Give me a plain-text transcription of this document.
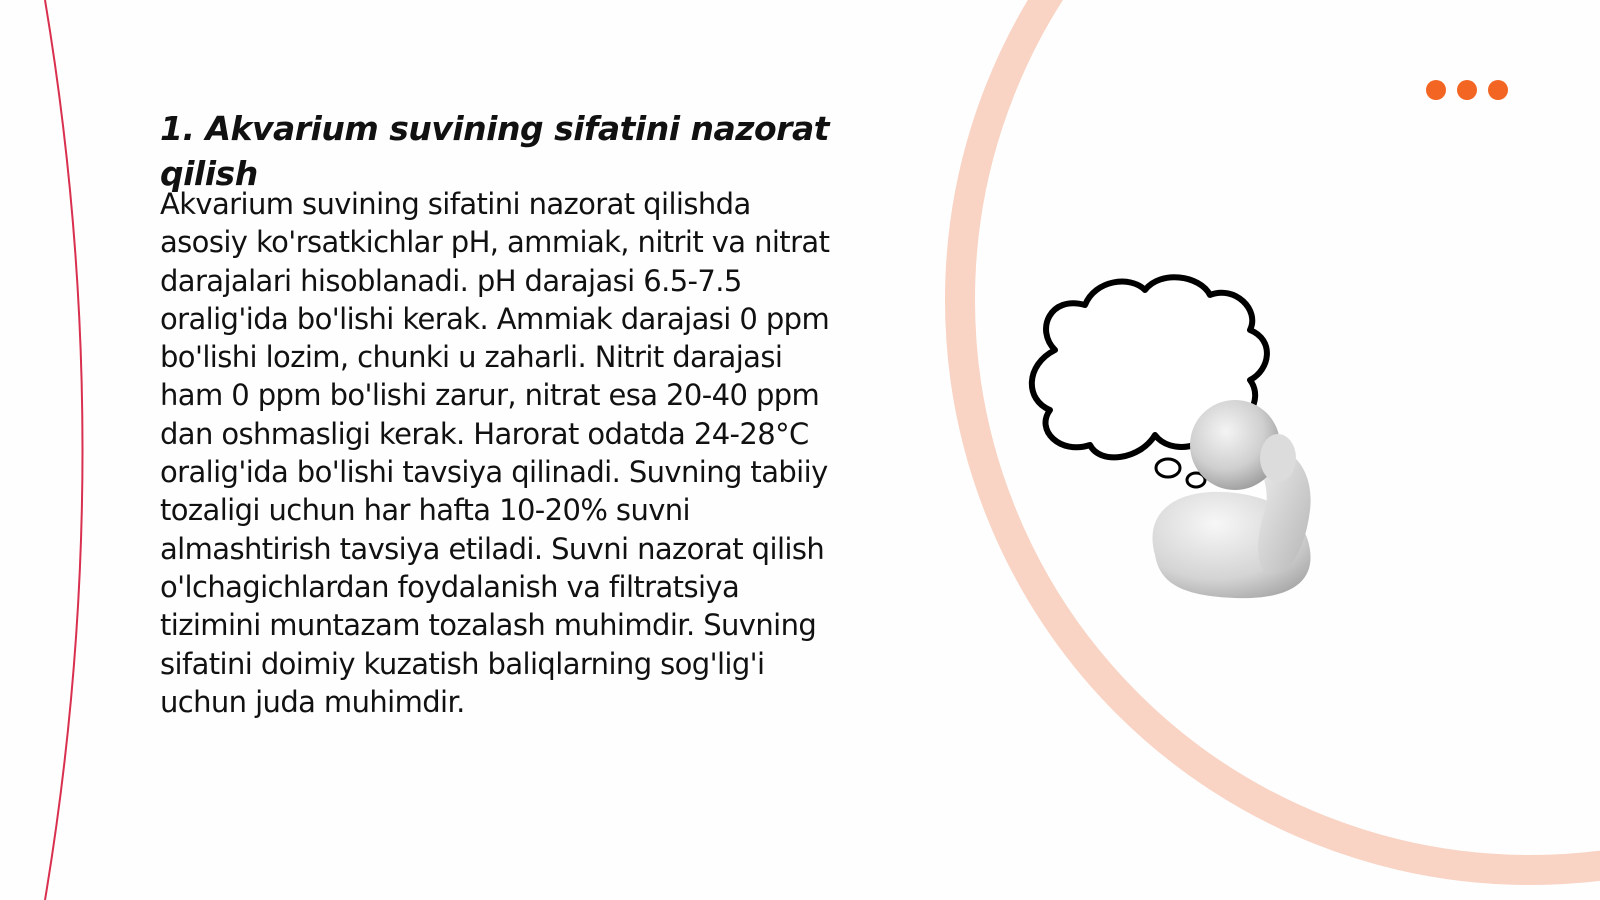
1. Akvarium suvining sifatini nazorat qilish

Akvarium suvining sifatini nazorat qilishda asosiy ko'rsatkichlar pH, ammiak, nitrit va nitrat darajalari hisoblanadi. pH darajasi 6.5-7.5 oralig'ida bo'lishi kerak. Ammiak darajasi 0 ppm bo'lishi lozim, chunki u zaharli. Nitrit darajasi ham 0 ppm bo'lishi zarur, nitrat esa 20-40 ppm dan oshmasligi kerak. Harorat odatda 24-28°C oralig'ida bo'lishi tavsiya qilinadi. Suvning tabiiy tozaligi uchun har hafta 10-20% suvni almashtirish tavsiya etiladi. Suvni nazorat qilish o'lchagichlardan foydalanish va filtratsiya tizimini muntazam tozalash muhimdir. Suvning sifatini doimiy kuzatish baliqlarning sog'lig'i uchun juda muhimdir.
